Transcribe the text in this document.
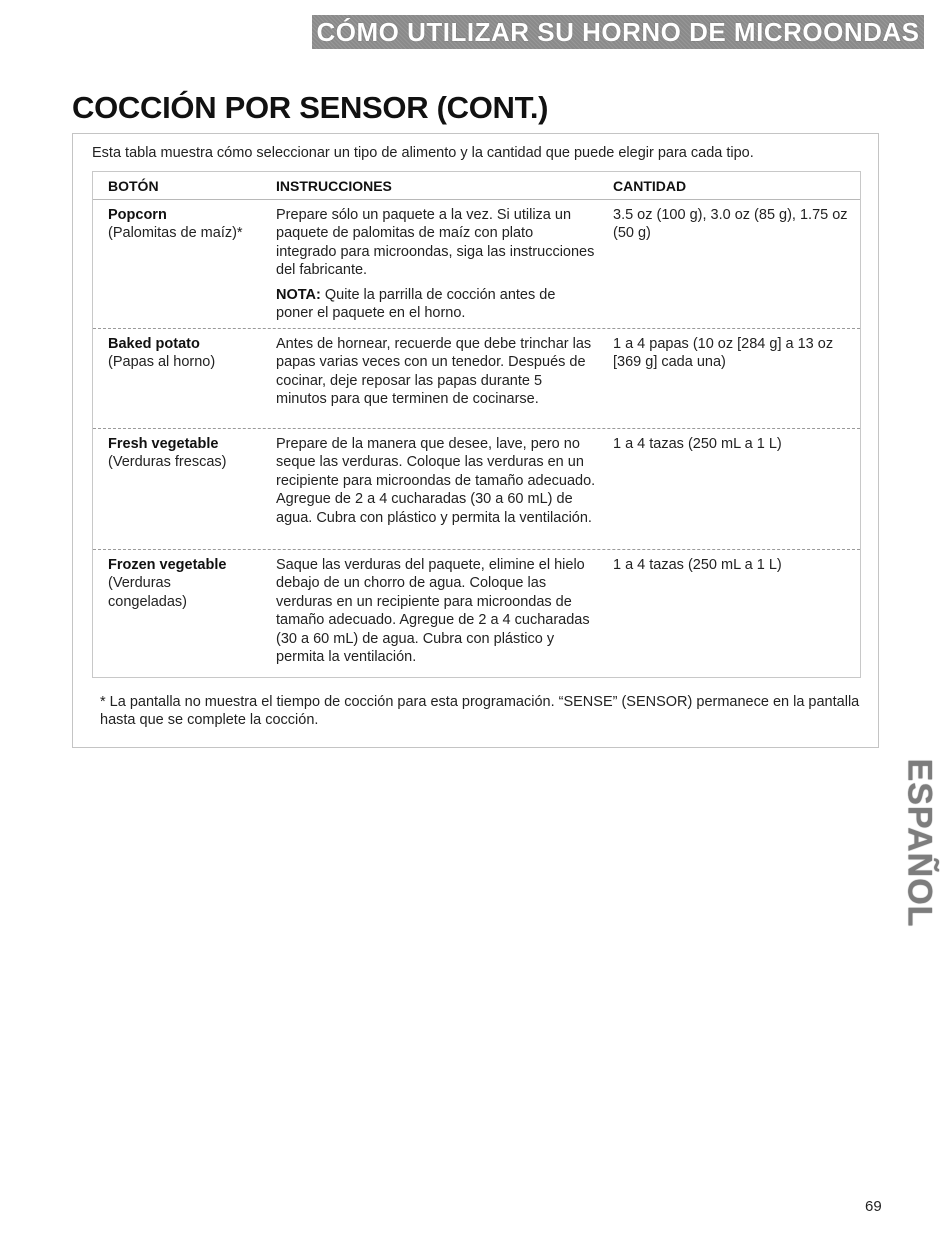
CÓMO UTILIZAR SU HORNO DE MICROONDAS
COCCIÓN POR SENSOR (CONT.)

Esta tabla muestra cómo seleccionar un tipo de alimento y la cantidad que puede elegir para cada tipo.

BOTÓN	INSTRUCCIONES	CANTIDAD

Popcorn

(Palomitas de maíz)*

Prepare sólo un paquete a la vez. Si utiliza un paquete de palomitas de maíz con plato integrado para microondas, siga las instrucciones del fabricante.

NOTA: Quite la parrilla de cocción antes de poner el paquete en el horno.

3.5 oz (100 g), 3.0 oz (85 g), 1.75 oz (50 g)

Baked potato

(Papas al horno)

Antes de hornear, recuerde que debe trinchar las papas varias veces con un tenedor. Después de cocinar, deje reposar las papas durante 5 minutos para que terminen de cocinarse.

1 a 4 papas (10 oz [284 g] a 13 oz [369 g] cada una)

Fresh vegetable

(Verduras frescas)

Prepare de la manera que desee, lave, pero no seque las verduras. Coloque las verduras en un recipiente para microondas de tamaño adecuado. Agregue de 2 a 4 cucharadas (30 a 60 mL) de agua. Cubra con plástico y permita la ventilación.

1 a 4 tazas (250 mL a 1 L)

Frozen vegetable

(Verduras congeladas)

Saque las verduras del paquete, elimine el hielo debajo de un chorro de agua. Coloque las verduras en un recipiente para microondas de tamaño adecuado. Agregue de 2 a 4 cucharadas (30 a 60 mL) de agua. Cubra con plástico y permita la ventilación.

1 a 4 tazas (250 mL a 1 L)

* La pantalla no muestra el tiempo de cocción para esta programación. “SENSE” (SENSOR) permanece en la pantalla hasta que se complete la cocción.

ESPAÑOL
69
